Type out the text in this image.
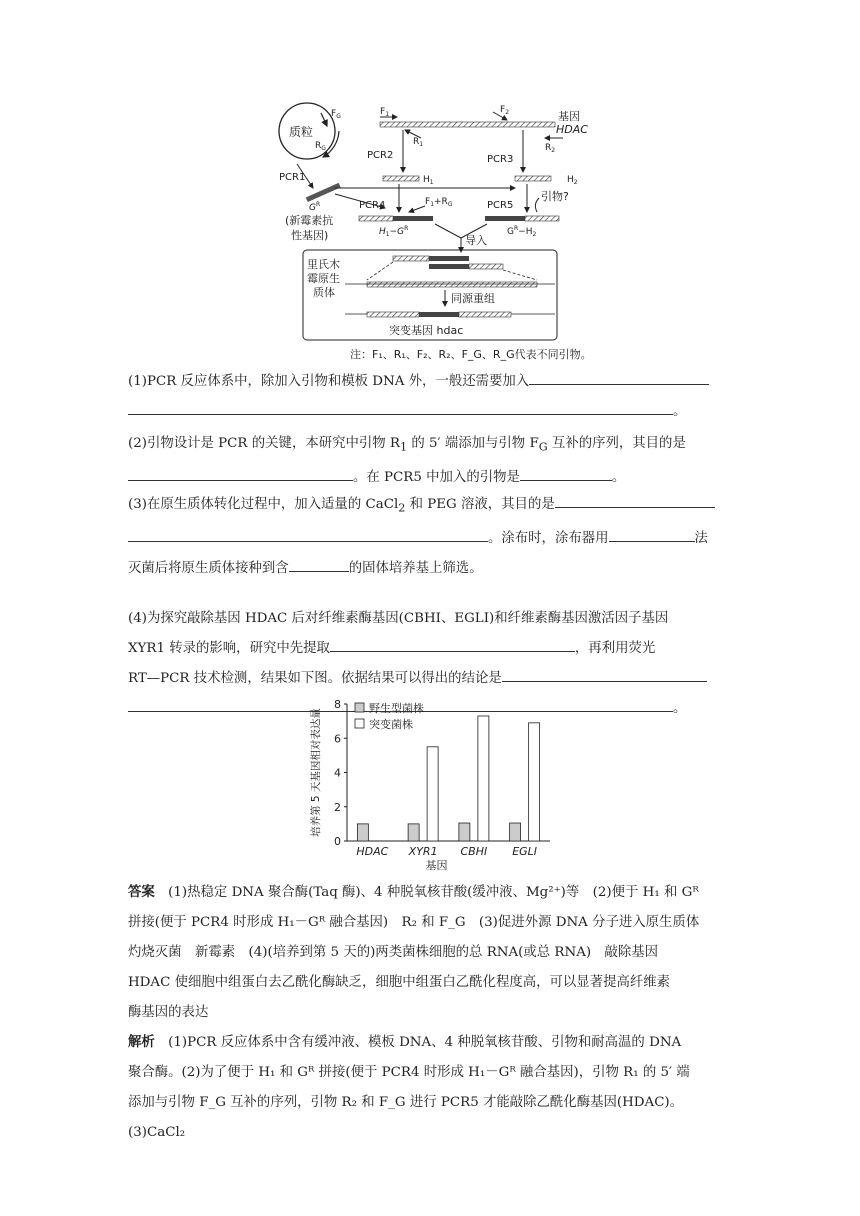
质粒
$F_G$
$R_G$
PCR1
$G^R$
(新霉素抗
性基因)
$F_1$	$F_2$
$R_1$
基因
HDAC
$R_2$
PCR2	PCR3
$H_1$	$H_2$
PCR4	$F_1+R_G$	PCR5
引物?
$H_1-G^R$	$G^R-H_2$
导入
里氏木
霉原生
质体	同源重组
突变基因 hdac
注：F₁、R₁、F₂、R₂、F_G、R_G代表不同引物。

(1)PCR 反应体系中，除加入引物和模板 DNA 外，一般还需要加入

。

(2)引物设计是 PCR 的关键，本研究中引物 $R_1$ 的 5′ 端添加与引物 $F_G$ 互补的序列，其目的是

。在 PCR5 中加入的引物是	。

(3)在原生质体转化过程中，加入适量的 CaCl$_2$ 和 PEG 溶液，其目的是

。涂布时，涂布器用	法

灭菌后将原生质体接种到含	的固体培养基上筛选。

(4)为探究敲除基因 HDAC 后对纤维素酶基因(CBHI、EGLI)和纤维素酶基因激活因子基因

XYR1 转录的影响，研究中先提取	，再利用荧光

RT—PCR 技术检测，结果如下图。依据结果可以得出的结论是

。

0
2
4
6
8
培养第 5 天基因相对表达量
HDAC XYR1 CBHI EGLI
基因
野生型菌株
突变菌株

答案　 (1)热稳定 DNA 聚合酶(Taq 酶)、4 种脱氧核苷酸(缓冲液、Mg²⁺)等　(2)便于 H₁ 和 Gᴿ

拼接(便于 PCR4 时形成 H₁－Gᴿ 融合基因)　R₂ 和 F_G　(3)促进外源 DNA 分子进入原生质体

灼烧灭菌　新霉素　(4)(培养到第 5 天的)两类菌株细胞的总 RNA(或总 RNA)　敲除基因

HDAC 使细胞中组蛋白去乙酰化酶缺乏，细胞中组蛋白乙酰化程度高，可以显著提高纤维素

酶基因的表达

解析　 (1)PCR 反应体系中含有缓冲液、模板 DNA、4 种脱氧核苷酸、引物和耐高温的 DNA

聚合酶。(2)为了便于 H₁ 和 Gᴿ 拼接(便于 PCR4 时形成 H₁－Gᴿ 融合基因)，引物 R₁ 的 5′ 端

添加与引物 F_G 互补的序列，引物 R₂ 和 F_G 进行 PCR5 才能敲除乙酰化酶基因(HDAC)。(3)CaCl₂
